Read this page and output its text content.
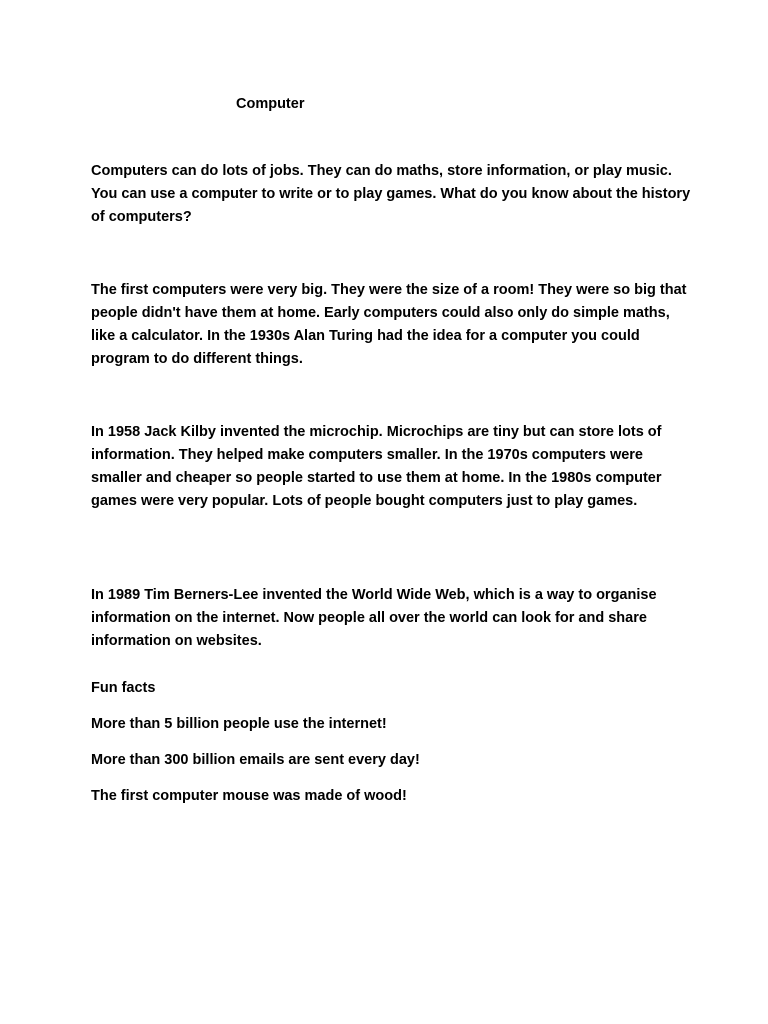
Computer

Computers can do lots of jobs. They can do maths, store information, or play music. You can use a computer to write or to play games. What do you know about the history of computers?

The first computers were very big. They were the size of a room! They were so big that people didn't have them at home. Early computers could also only do simple maths, like a calculator. In the 1930s Alan Turing had the idea for a computer you could program to do different things.

In 1958 Jack Kilby invented the microchip. Microchips are tiny but can store lots of information. They helped make computers smaller. In the 1970s computers were smaller and cheaper so people started to use them at home. In the 1980s computer games were very popular. Lots of people bought computers just to play games.

In 1989 Tim Berners-Lee invented the World Wide Web, which is a way to organise information on the internet. Now people all over the world can look for and share information on websites.

Fun facts

More than 5 billion people use the internet!

More than 300 billion emails are sent every day!

The first computer mouse was made of wood!
